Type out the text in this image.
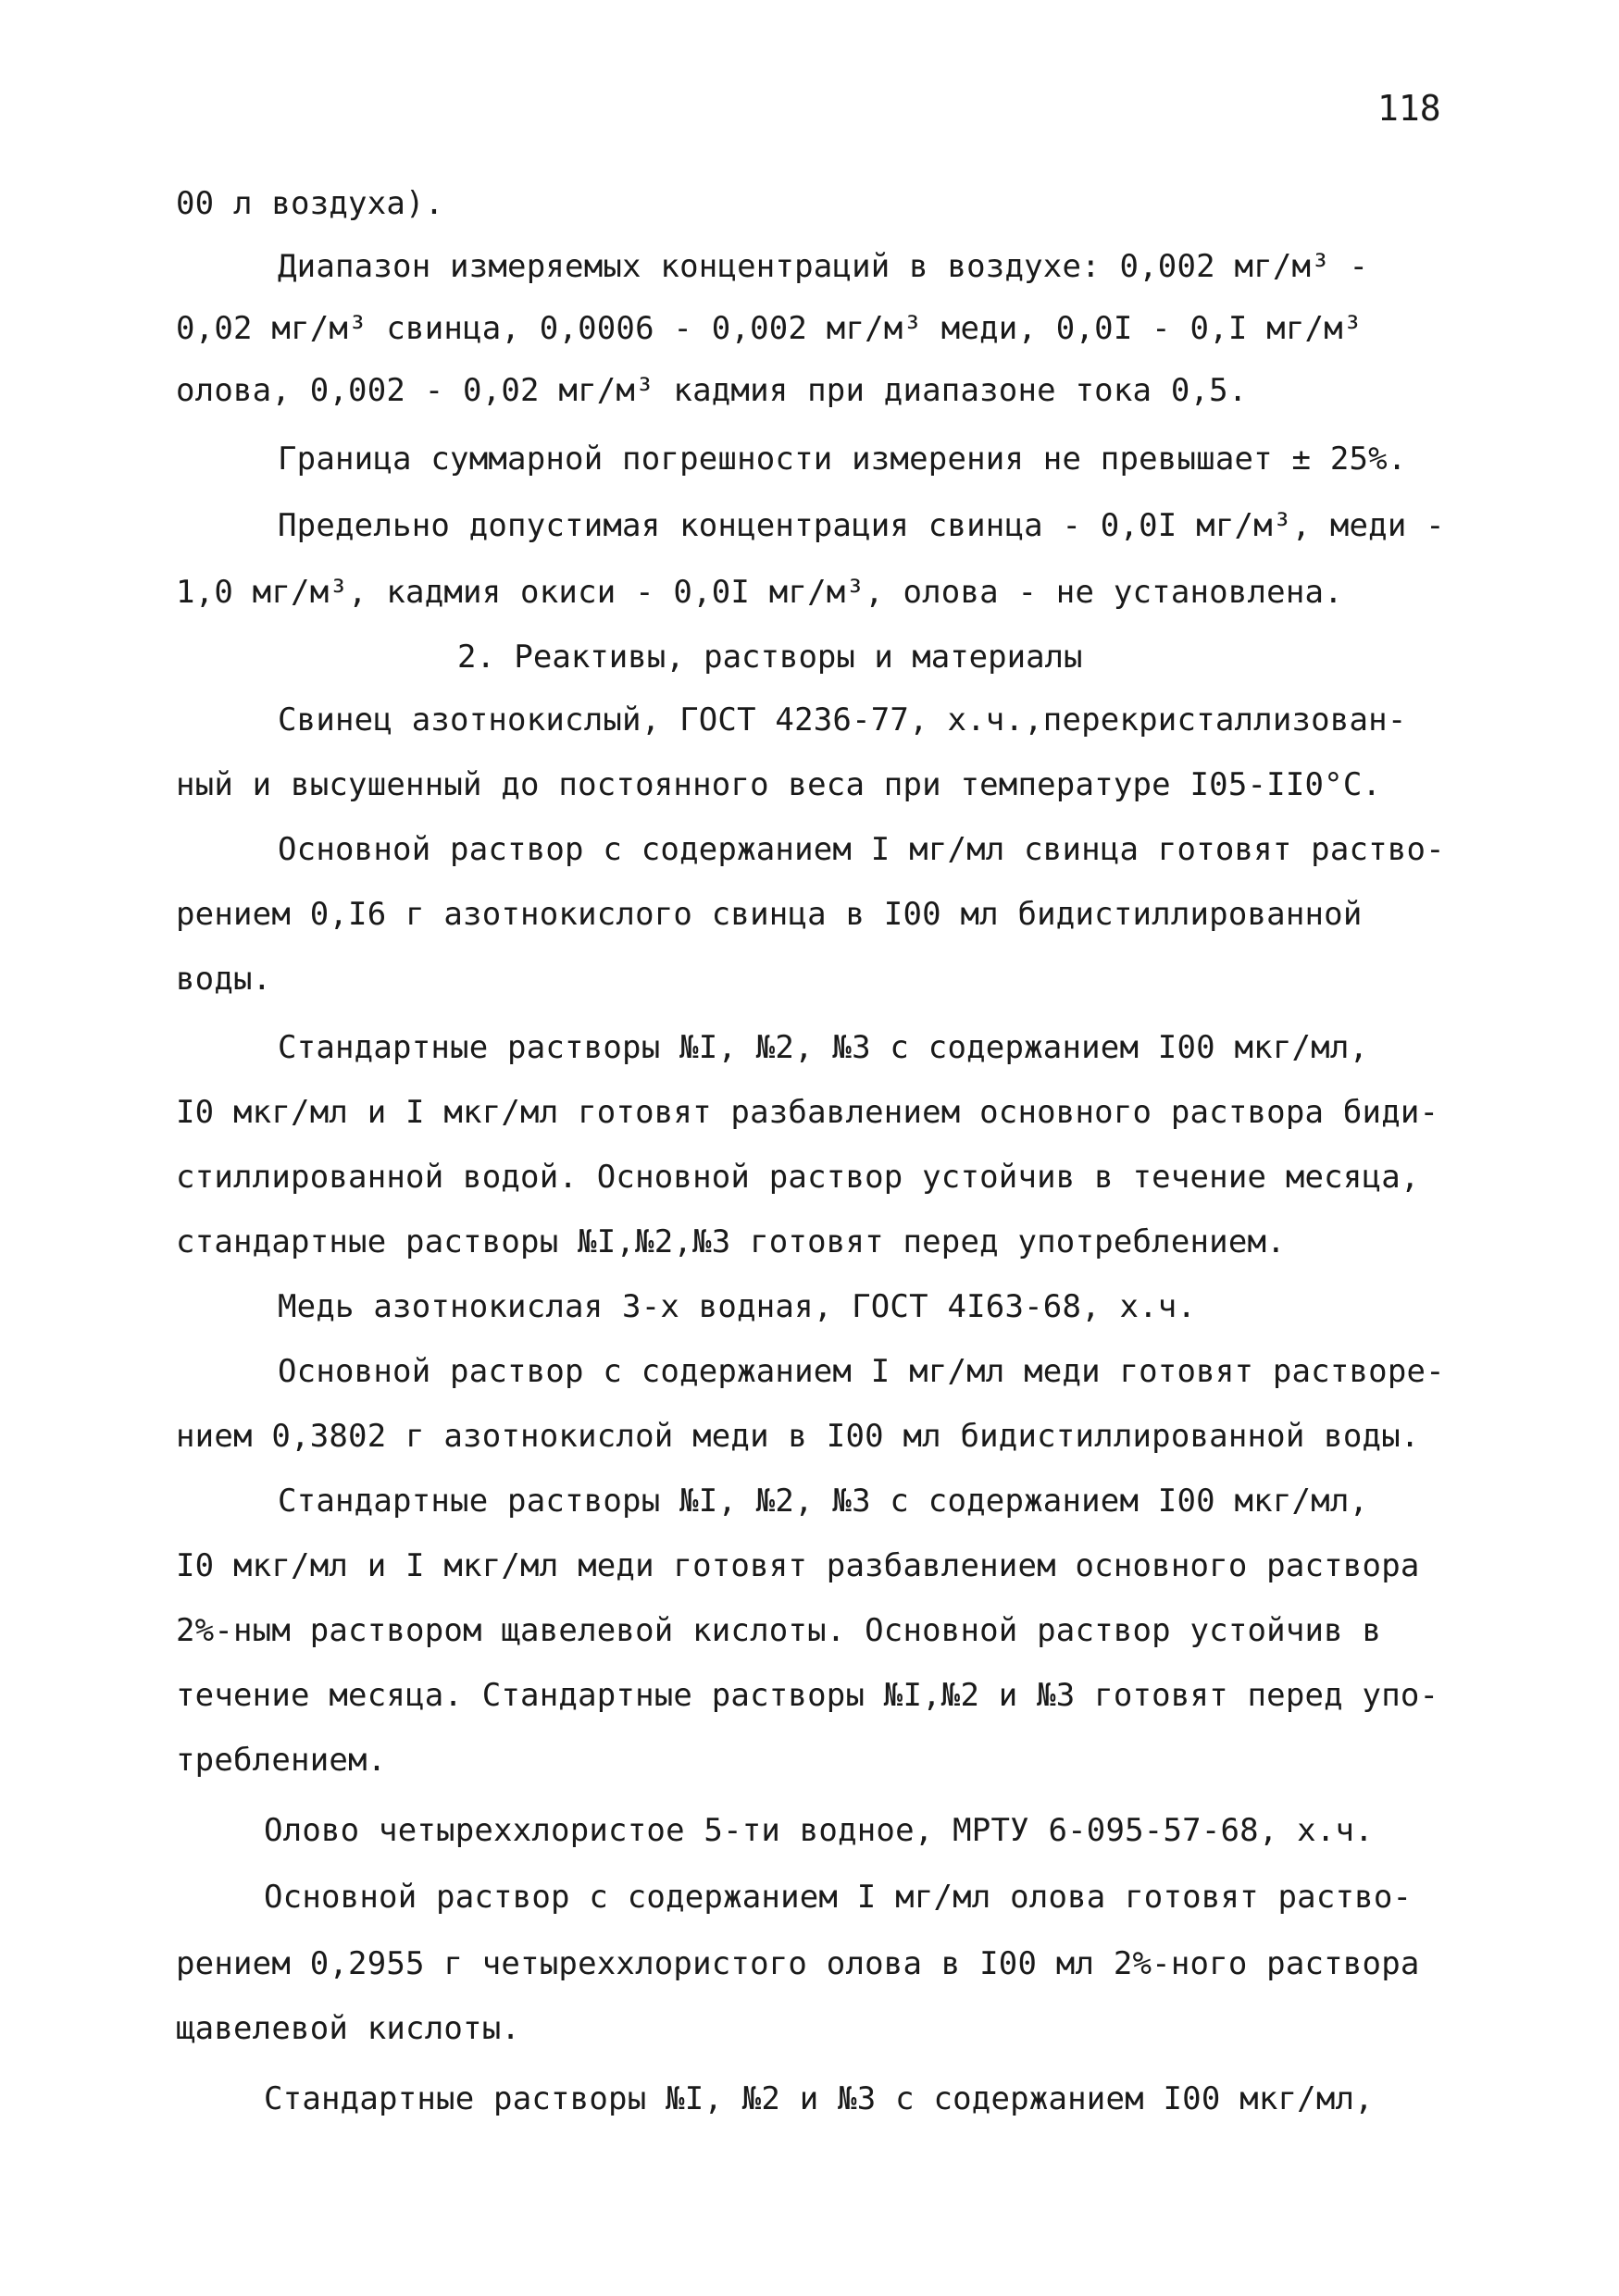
118
00 л воздуха).
Диапазон измеряемых концентраций в воздухе: 0,002 мг/м³ -
0,02 мг/м³ свинца, 0,0006 - 0,002 мг/м³ меди, 0,0I - 0,I мг/м³
олова, 0,002 - 0,02 мг/м³ кадмия при диапазоне тока 0,5.
Граница суммарной погрешности измерения не превышает ± 25%.
Предельно допустимая концентрация свинца - 0,0I мг/м³, меди -
1,0 мг/м³, кадмия окиси - 0,0I мг/м³, олова - не установлена.
2. Реактивы, растворы и материалы
Свинец азотнокислый, ГОСТ 4236-77, х.ч.,перекристаллизован-
ный и высушенный до постоянного веса при температуре I05-II0°С.
Основной раствор с содержанием I мг/мл свинца готовят раство-
рением 0,I6 г азотнокислого свинца в I00 мл бидистиллированной
воды.
Стандартные растворы №I, №2, №3 с содержанием I00 мкг/мл,
I0 мкг/мл и I мкг/мл готовят разбавлением основного раствора биди-
стиллированной водой. Основной раствор устойчив в течение месяца,
стандартные растворы №I,№2,№3 готовят перед употреблением.
Медь азотнокислая 3-х водная, ГОСТ 4I63-68, х.ч.
Основной раствор с содержанием I мг/мл меди готовят растворе-
нием 0,3802 г азотнокислой меди в I00 мл бидистиллированной воды.
Стандартные растворы №I, №2, №3 с содержанием I00 мкг/мл,
I0 мкг/мл и I мкг/мл меди готовят разбавлением основного раствора
2%-ным раствором щавелевой кислоты. Основной раствор устойчив в
течение месяца. Стандартные растворы №I,№2 и №3 готовят перед упо-
треблением.
Олово четыреххлористое 5-ти водное, МРТУ 6-095-57-68, х.ч.
Основной раствор с содержанием I мг/мл олова готовят раство-
рением 0,2955 г четыреххлористого олова в I00 мл 2%-ного раствора
щавелевой кислоты.
Стандартные растворы №I, №2 и №3 с содержанием I00 мкг/мл,
